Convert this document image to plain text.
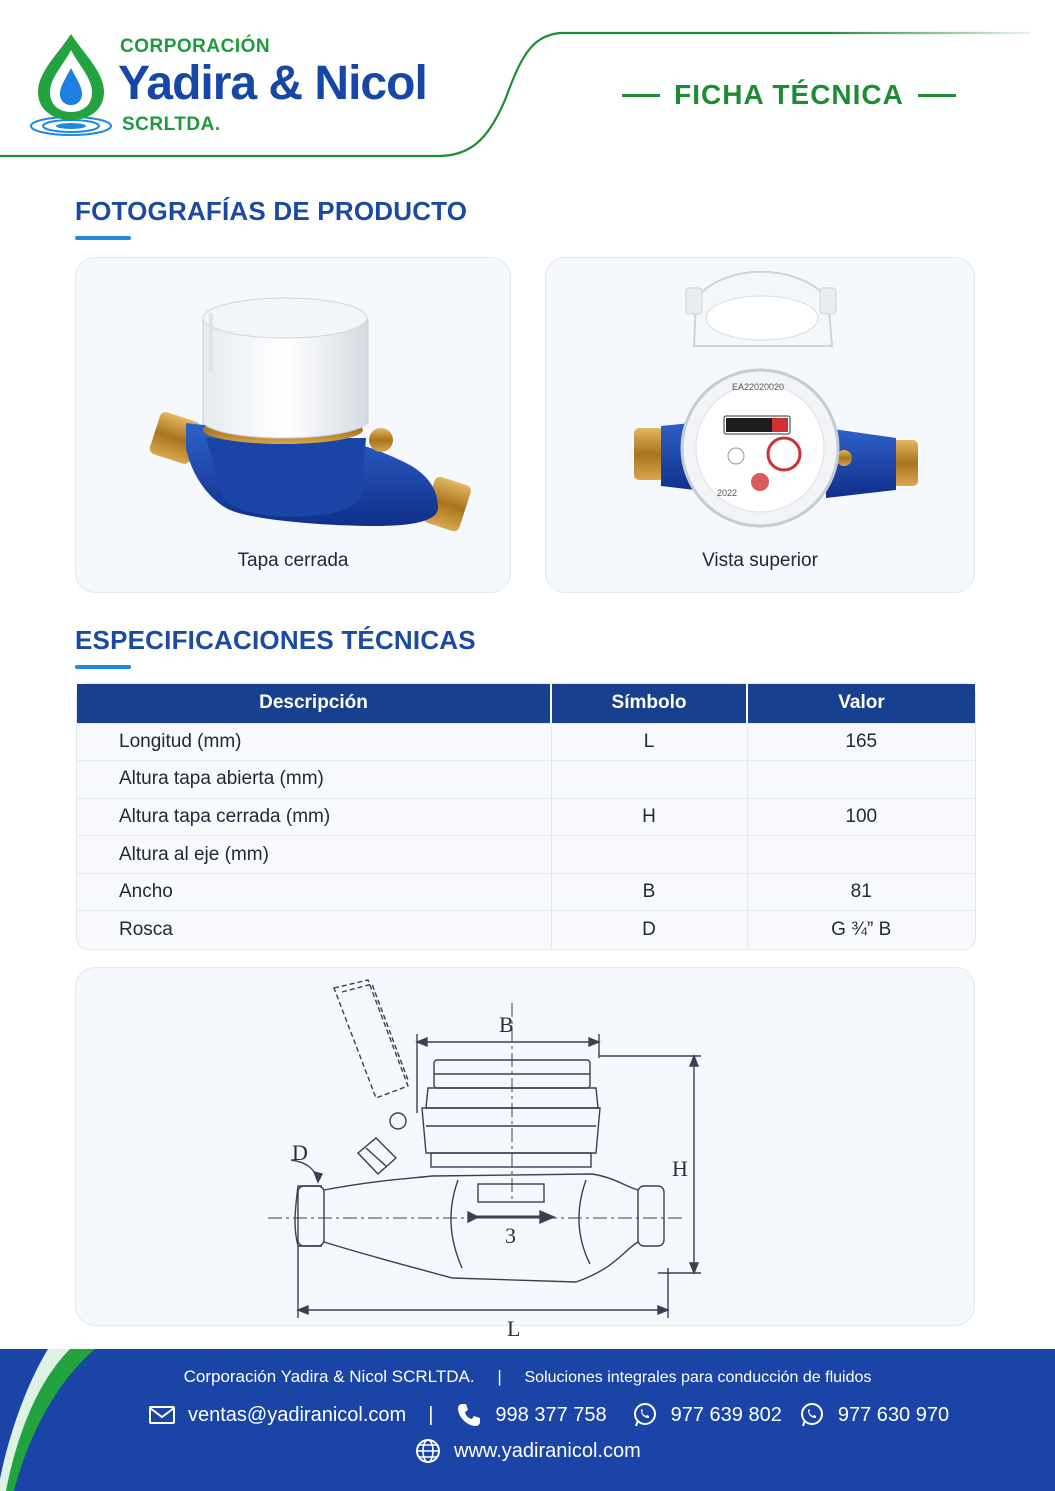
CORPORACIÓN
Yadira & Nicol
SCRLTDA.
FICHA TÉCNICA
FOTOGRAFÍAS DE PRODUCTO
Tapa cerrada
EA22020020
2022
Vista superior
ESPECIFICACIONES TÉCNICAS
Descripción	Símbolo	Valor
Longitud (mm)	L	165
Altura tapa abierta (mm)		
Altura tapa cerrada (mm)	H	100
Altura al eje (mm)		
Ancho	B	81
Rosca	D	G ¾” B
B
H
D
L
3
Corporación Yadira & Nicol SCRLTDA. | Soluciones integrales para conducción de fluidos
ventas@yadiranicol.com |	998 377 758	977 639 802	977 630 970
www.yadiranicol.com
